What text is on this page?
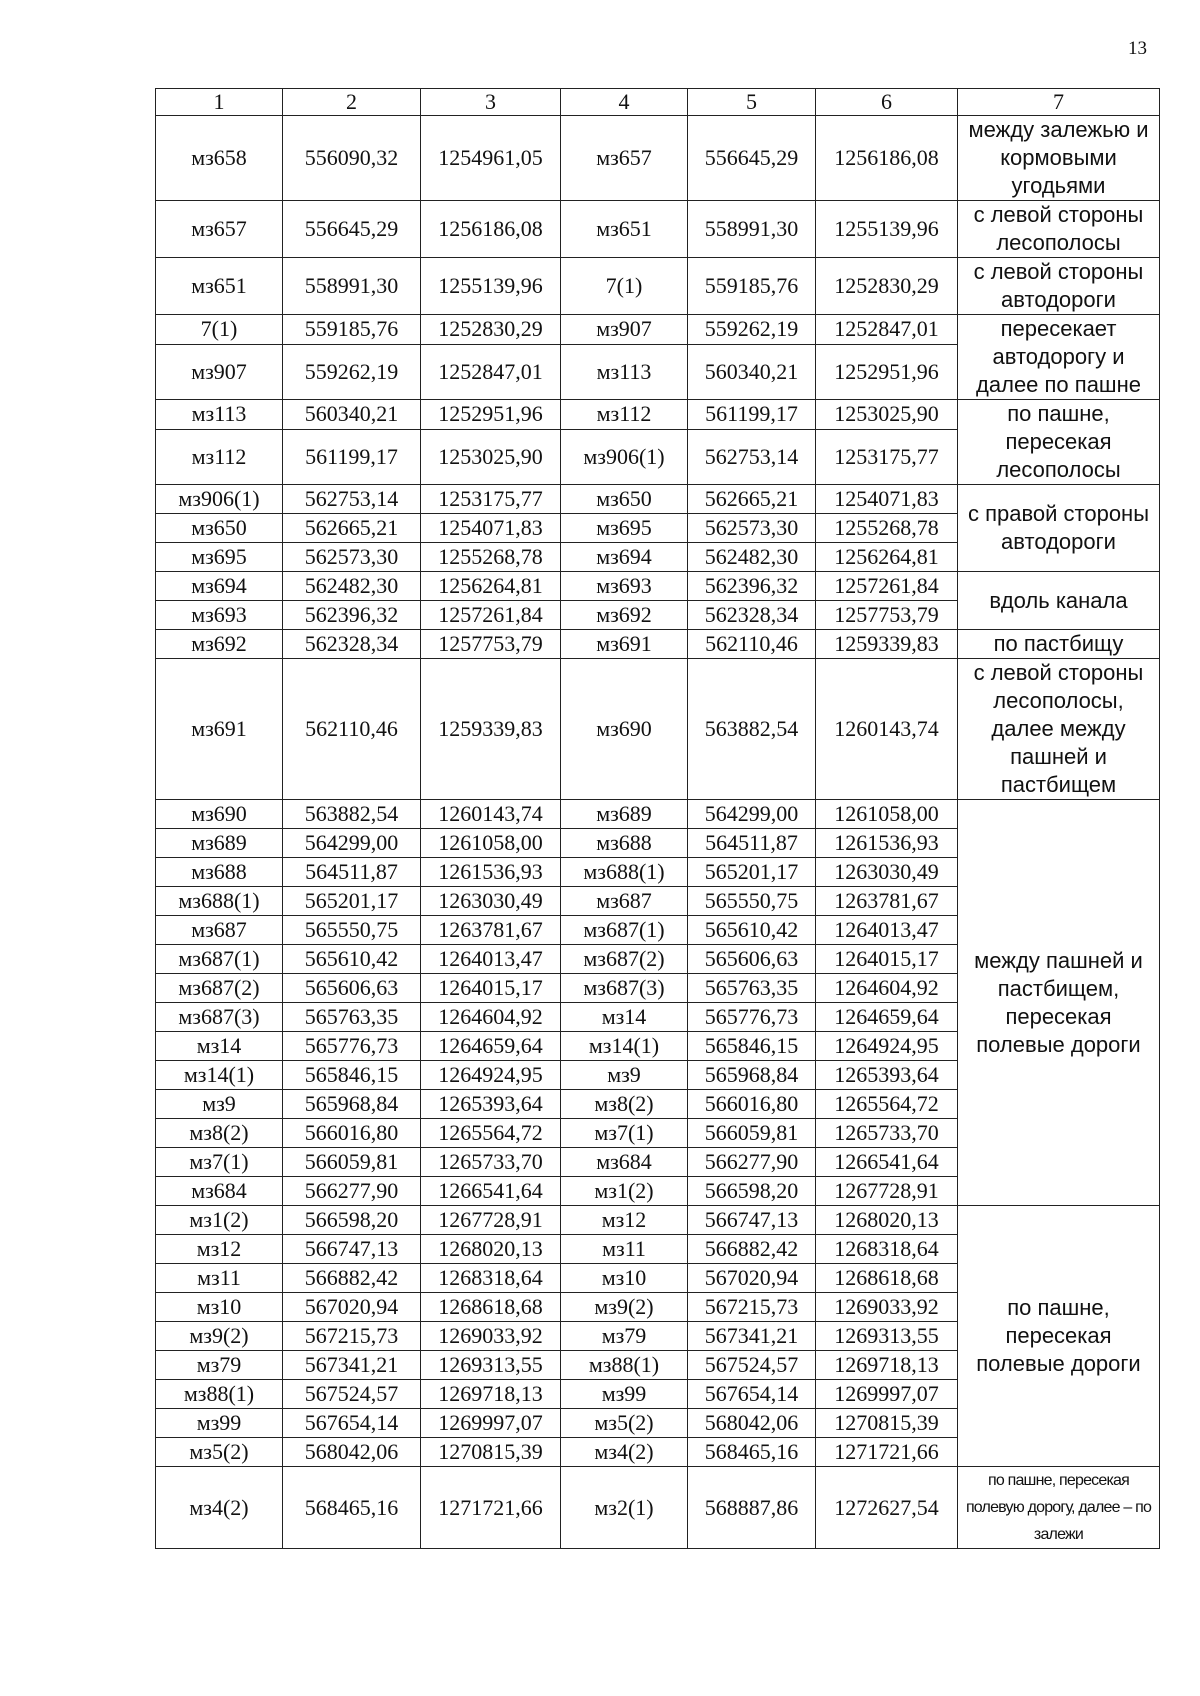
13
1	2	3	4	5	6	7
мз658	556090,32	1254961,05	мз657	556645,29	1256186,08	между залежью и кормовыми угодьями
мз657	556645,29	1256186,08	мз651	558991,30	1255139,96	с левой стороны лесополосы
мз651	558991,30	1255139,96	7(1)	559185,76	1252830,29	с левой стороны автодороги
7(1)	559185,76	1252830,29	мз907	559262,19	1252847,01	пересекает автодорогу и далее по пашне
мз907	559262,19	1252847,01	мз113	560340,21	1252951,96	
мз113	560340,21	1252951,96	мз112	561199,17	1253025,90	по пашне, пересекая лесополосы
мз112	561199,17	1253025,90	мз906(1)	562753,14	1253175,77	
мз906(1)	562753,14	1253175,77	мз650	562665,21	1254071,83	с правой стороны автодороги
мз650	562665,21	1254071,83	мз695	562573,30	1255268,78	
мз695	562573,30	1255268,78	мз694	562482,30	1256264,81	
мз694	562482,30	1256264,81	мз693	562396,32	1257261,84	вдоль канала
мз693	562396,32	1257261,84	мз692	562328,34	1257753,79	
мз692	562328,34	1257753,79	мз691	562110,46	1259339,83	по пастбищу
мз691	562110,46	1259339,83	мз690	563882,54	1260143,74	с левой стороны лесополосы, далее между пашней и пастбищем
мз690	563882,54	1260143,74	мз689	564299,00	1261058,00	между пашней и пастбищем, пересекая полевые дороги
мз689	564299,00	1261058,00	мз688	564511,87	1261536,93	
мз688	564511,87	1261536,93	мз688(1)	565201,17	1263030,49	
мз688(1)	565201,17	1263030,49	мз687	565550,75	1263781,67	
мз687	565550,75	1263781,67	мз687(1)	565610,42	1264013,47	
мз687(1)	565610,42	1264013,47	мз687(2)	565606,63	1264015,17	
мз687(2)	565606,63	1264015,17	мз687(3)	565763,35	1264604,92	
мз687(3)	565763,35	1264604,92	мз14	565776,73	1264659,64	
мз14	565776,73	1264659,64	мз14(1)	565846,15	1264924,95	
мз14(1)	565846,15	1264924,95	мз9	565968,84	1265393,64	
мз9	565968,84	1265393,64	мз8(2)	566016,80	1265564,72	
мз8(2)	566016,80	1265564,72	мз7(1)	566059,81	1265733,70	
мз7(1)	566059,81	1265733,70	мз684	566277,90	1266541,64	
мз684	566277,90	1266541,64	мз1(2)	566598,20	1267728,91	
мз1(2)	566598,20	1267728,91	мз12	566747,13	1268020,13	по пашне, пересекая полевые дороги
мз12	566747,13	1268020,13	мз11	566882,42	1268318,64	
мз11	566882,42	1268318,64	мз10	567020,94	1268618,68	
мз10	567020,94	1268618,68	мз9(2)	567215,73	1269033,92	
мз9(2)	567215,73	1269033,92	мз79	567341,21	1269313,55	
мз79	567341,21	1269313,55	мз88(1)	567524,57	1269718,13	
мз88(1)	567524,57	1269718,13	мз99	567654,14	1269997,07	
мз99	567654,14	1269997,07	мз5(2)	568042,06	1270815,39	
мз5(2)	568042,06	1270815,39	мз4(2)	568465,16	1271721,66	
мз4(2)	568465,16	1271721,66	мз2(1)	568887,86	1272627,54	по пашне, пересекая полевую дорогу, далее – по залежи
